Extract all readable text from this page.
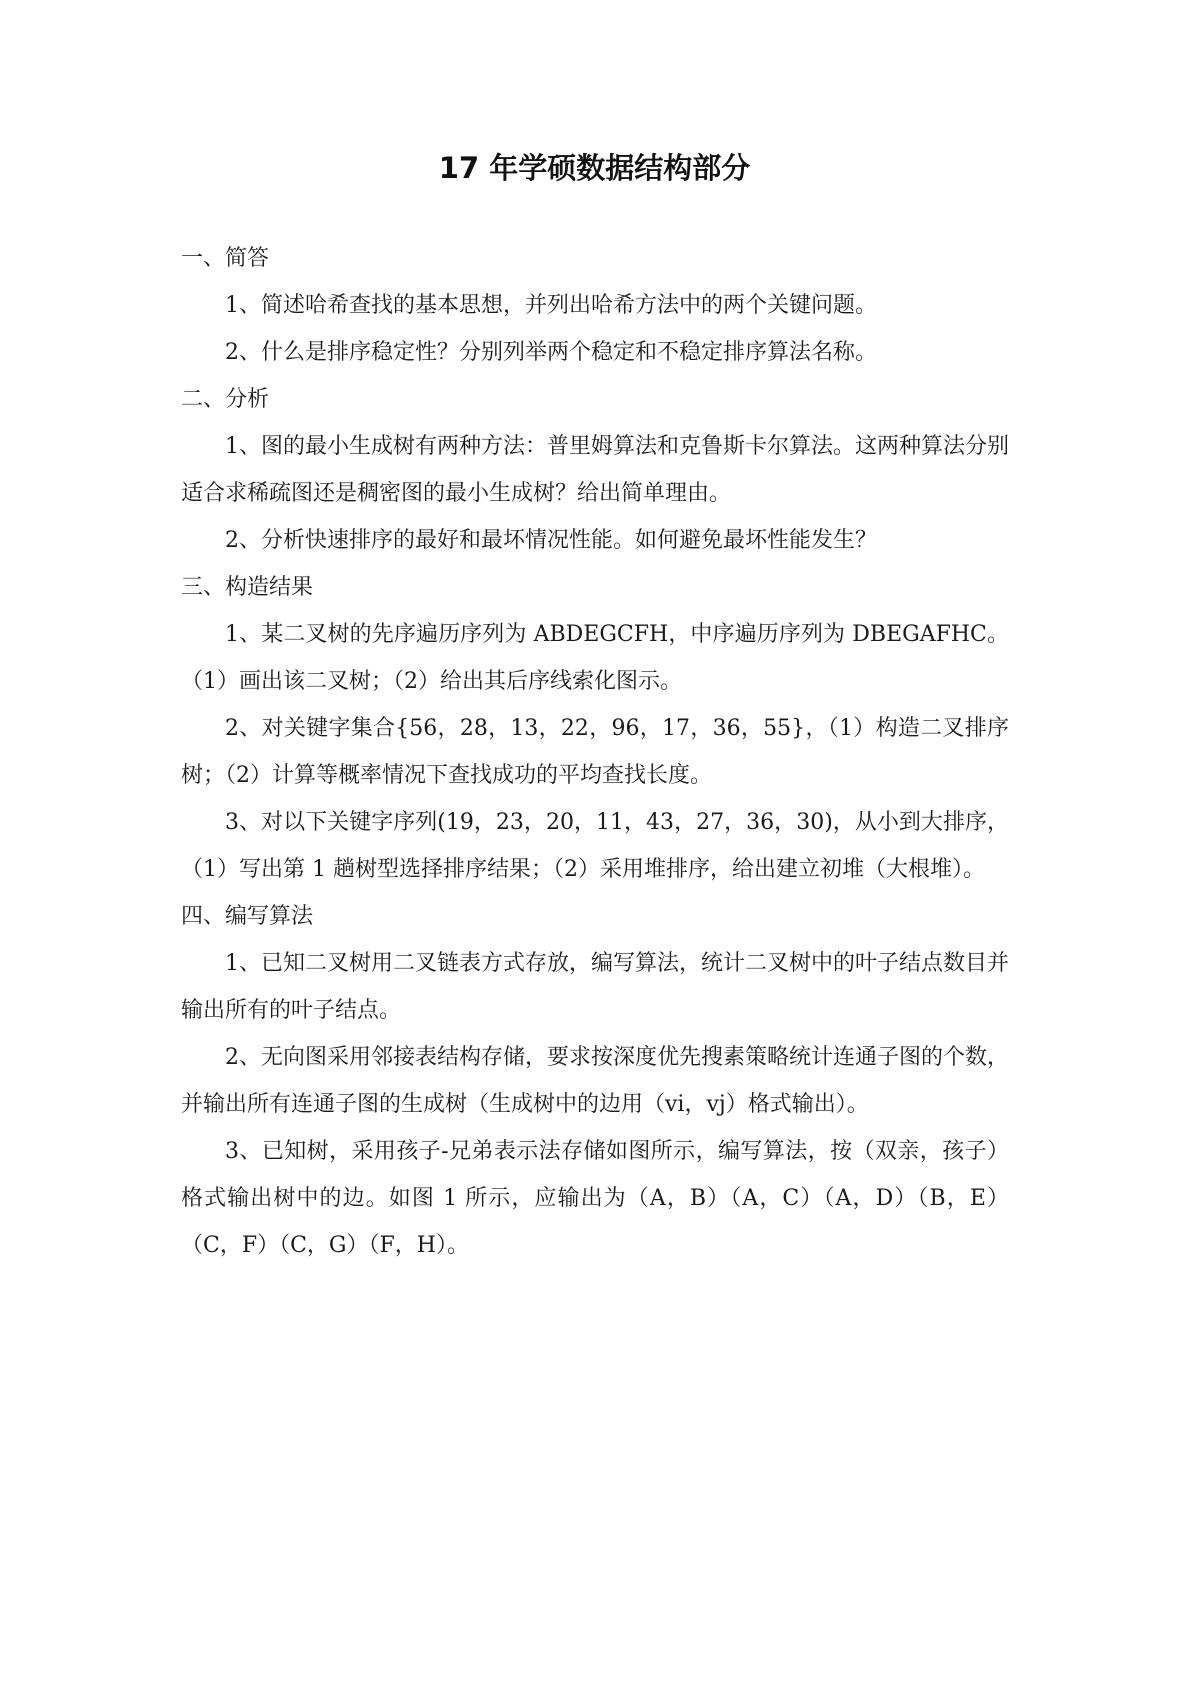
17 年学硕数据结构部分

一、简答

1、简述哈希查找的基本思想，并列出哈希方法中的两个关键问题。

2、什么是排序稳定性？分别列举两个稳定和不稳定排序算法名称。

二、分析

1、图的最小生成树有两种方法：普里姆算法和克鲁斯卡尔算法。这两种算法分别适合求稀疏图还是稠密图的最小生成树？给出简单理由。

2、分析快速排序的最好和最坏情况性能。如何避免最坏性能发生？

三、构造结果

1、某二叉树的先序遍历序列为 ABDEGCFH，中序遍历序列为 DBEGAFHC。（1）画出该二叉树；（2）给出其后序线索化图示。

2、对关键字集合{56，28，13，22，96，17，36，55}，（1）构造二叉排序树；（2）计算等概率情况下查找成功的平均查找长度。

3、对以下关键字序列(19，23，20，11，43，27，36，30)，从小到大排序，（1）写出第 1 趟树型选择排序结果；（2）采用堆排序，给出建立初堆（大根堆）。

四、编写算法

1、已知二叉树用二叉链表方式存放，编写算法，统计二叉树中的叶子结点数目并输出所有的叶子结点。

2、无向图采用邻接表结构存储，要求按深度优先搜素策略统计连通子图的个数，并输出所有连通子图的生成树（生成树中的边用（vi，vj）格式输出）。

3、已知树，采用孩子-兄弟表示法存储如图所示，编写算法，按（双亲，孩子）格式输出树中的边。如图 1 所示，应输出为（A，B）（A，C）（A，D）（B，E）（C，F）（C，G）（F，H）。
